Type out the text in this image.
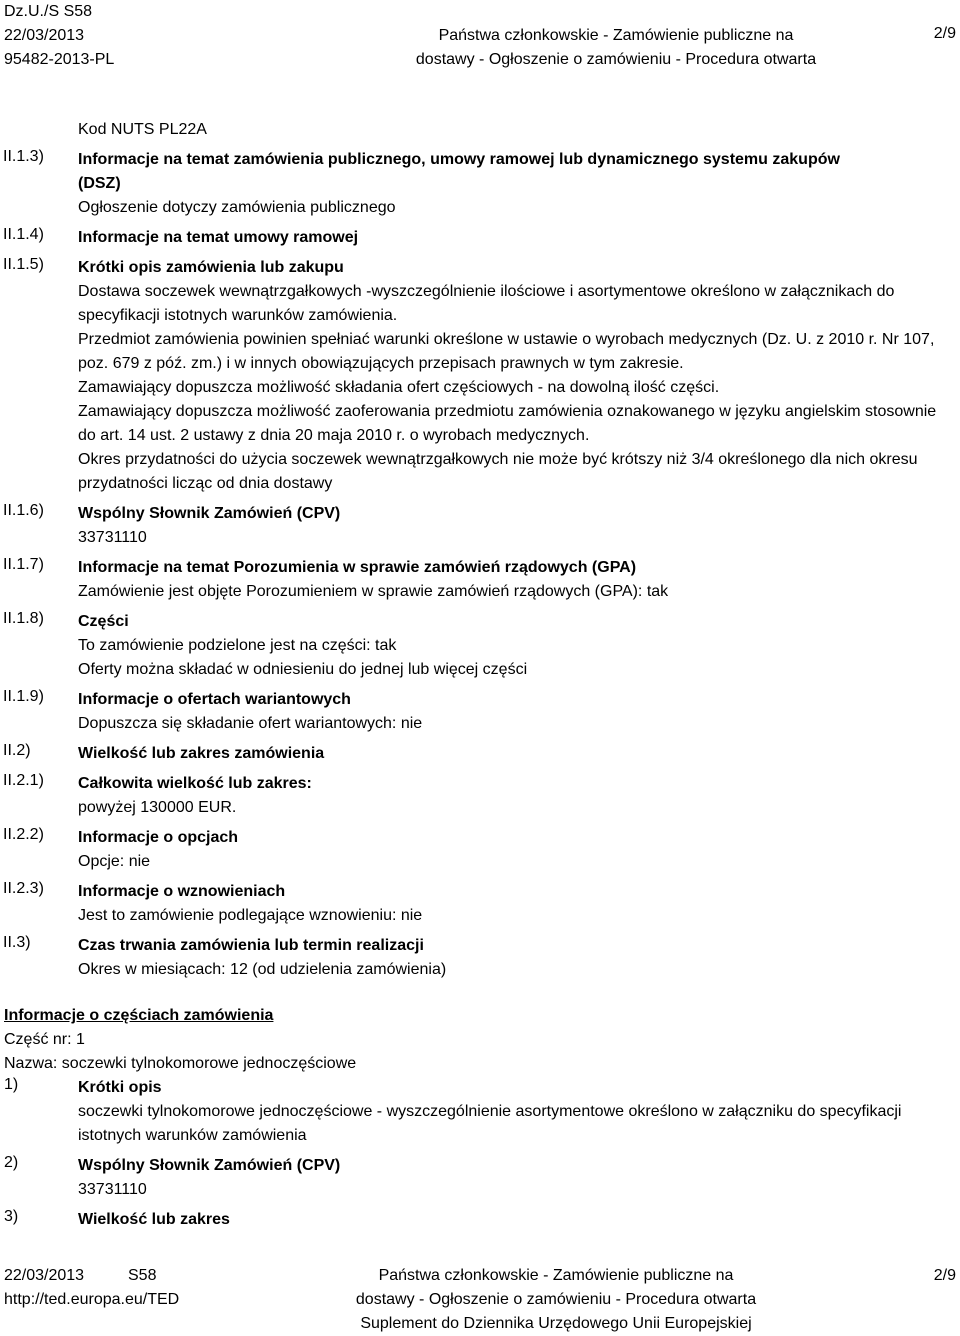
Dz.U./S S58
22/03/2013
95482-2013-PL
Państwa członkowskie - Zamówienie publiczne na
dostawy - Ogłoszenie o zamówieniu - Procedura otwarta
2/9
Kod NUTS PL22A
II.1.3) Informacje na temat zamówienia publicznego, umowy ramowej lub dynamicznego systemu zakupów
(DSZ)
Ogłoszenie dotyczy zamówienia publicznego
II.1.4) Informacje na temat umowy ramowej
II.1.5) Krótki opis zamówienia lub zakupu
Dostawa soczewek wewnątrzgałkowych -wyszczególnienie ilościowe i asortymentowe określono w załącznikach do specyfikacji istotnych warunków zamówienia.
Przedmiot zamówienia powinien spełniać warunki określone w ustawie o wyrobach medycznych (Dz. U. z 2010 r. Nr 107, poz. 679 z póź. zm.) i w innych obowiązujących przepisach prawnych w tym zakresie.
Zamawiający dopuszcza możliwość składania ofert częściowych - na dowolną ilość części.
Zamawiający dopuszcza możliwość zaoferowania przedmiotu zamówienia oznakowanego w języku angielskim stosownie do art. 14 ust. 2 ustawy z dnia 20 maja 2010 r. o wyrobach medycznych.
Okres przydatności do użycia soczewek wewnątrzgałkowych nie może być krótszy niż 3/4 określonego dla nich okresu przydatności licząc od dnia dostawy
II.1.6) Wspólny Słownik Zamówień (CPV)
33731110
II.1.7) Informacje na temat Porozumienia w sprawie zamówień rządowych (GPA)
Zamówienie jest objęte Porozumieniem w sprawie zamówień rządowych (GPA): tak
II.1.8) Części
To zamówienie podzielone jest na części: tak
Oferty można składać w odniesieniu do jednej lub więcej części
II.1.9) Informacje o ofertach wariantowych
Dopuszcza się składanie ofert wariantowych: nie
II.2)	Wielkość lub zakres zamówienia
II.2.1) Całkowita wielkość lub zakres:
powyżej 130000 EUR.
II.2.2) Informacje o opcjach
Opcje: nie
II.2.3) Informacje o wznowieniach
Jest to zamówienie podlegające wznowieniu: nie
II.3)	Czas trwania zamówienia lub termin realizacji
Okres w miesiącach: 12 (od udzielenia zamówienia)
Informacje o częściach zamówienia
Część nr: 1
Nazwa: soczewki tylnokomorowe jednoczęściowe
1)	Krótki opis
soczewki tylnokomorowe jednoczęściowe - wyszczególnienie asortymentowe określono w załączniku do specyfikacji istotnych warunków zamówienia
2)	Wspólny Słownik Zamówień (CPV)
33731110
3)	Wielkość lub zakres
22/03/2013
http://ted.europa.eu/TED
S58	Państwa członkowskie - Zamówienie publiczne na
dostawy - Ogłoszenie o zamówieniu - Procedura otwarta
Suplement do Dziennika Urzędowego Unii Europejskiej
2/9
